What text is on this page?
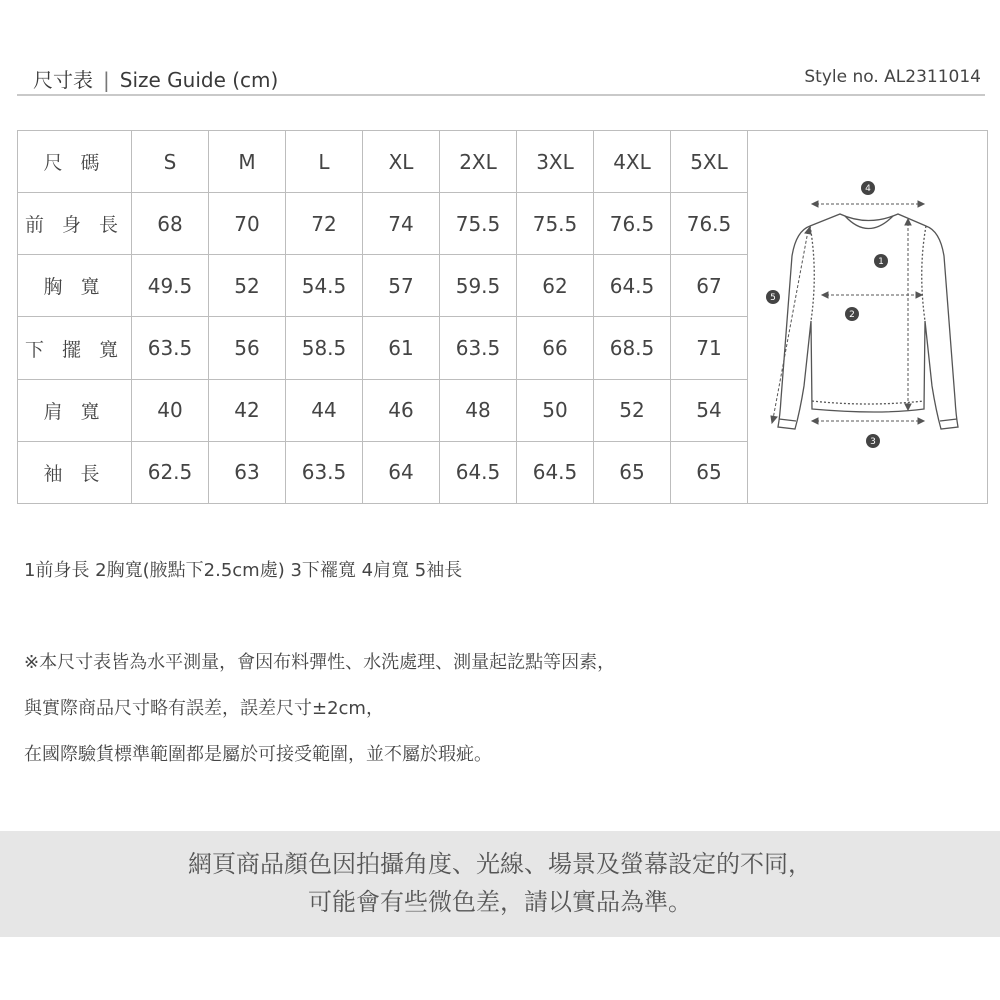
尺寸表 | Size Guide (cm)	Style no. AL2311014
尺 碼	S	M	L	XL	2XL	3XL	4XL	5XL	4
1
2
5
3

前 身 長	68	70	72	74	75.5	75.5	76.5	76.5	
胸 寬	49.5	52	54.5	57	59.5	62	64.5	67	
下 擺 寬	63.5	56	58.5	61	63.5	66	68.5	71	
肩 寬	40	42	44	46	48	50	52	54	
袖 長	62.5	63	63.5	64	64.5	64.5	65	65	
1前身長 2胸寬(腋點下2.5cm處) 3下襬寬 4肩寬 5袖長
※本尺寸表皆為水平測量，會因布料彈性、水洗處理、測量起訖點等因素，
與實際商品尺寸略有誤差，誤差尺寸±2cm，
在國際驗貨標準範圍都是屬於可接受範圍，並不屬於瑕疵。
網頁商品顏色因拍攝角度、光線、場景及螢幕設定的不同，
可能會有些微色差，請以實品為準。
